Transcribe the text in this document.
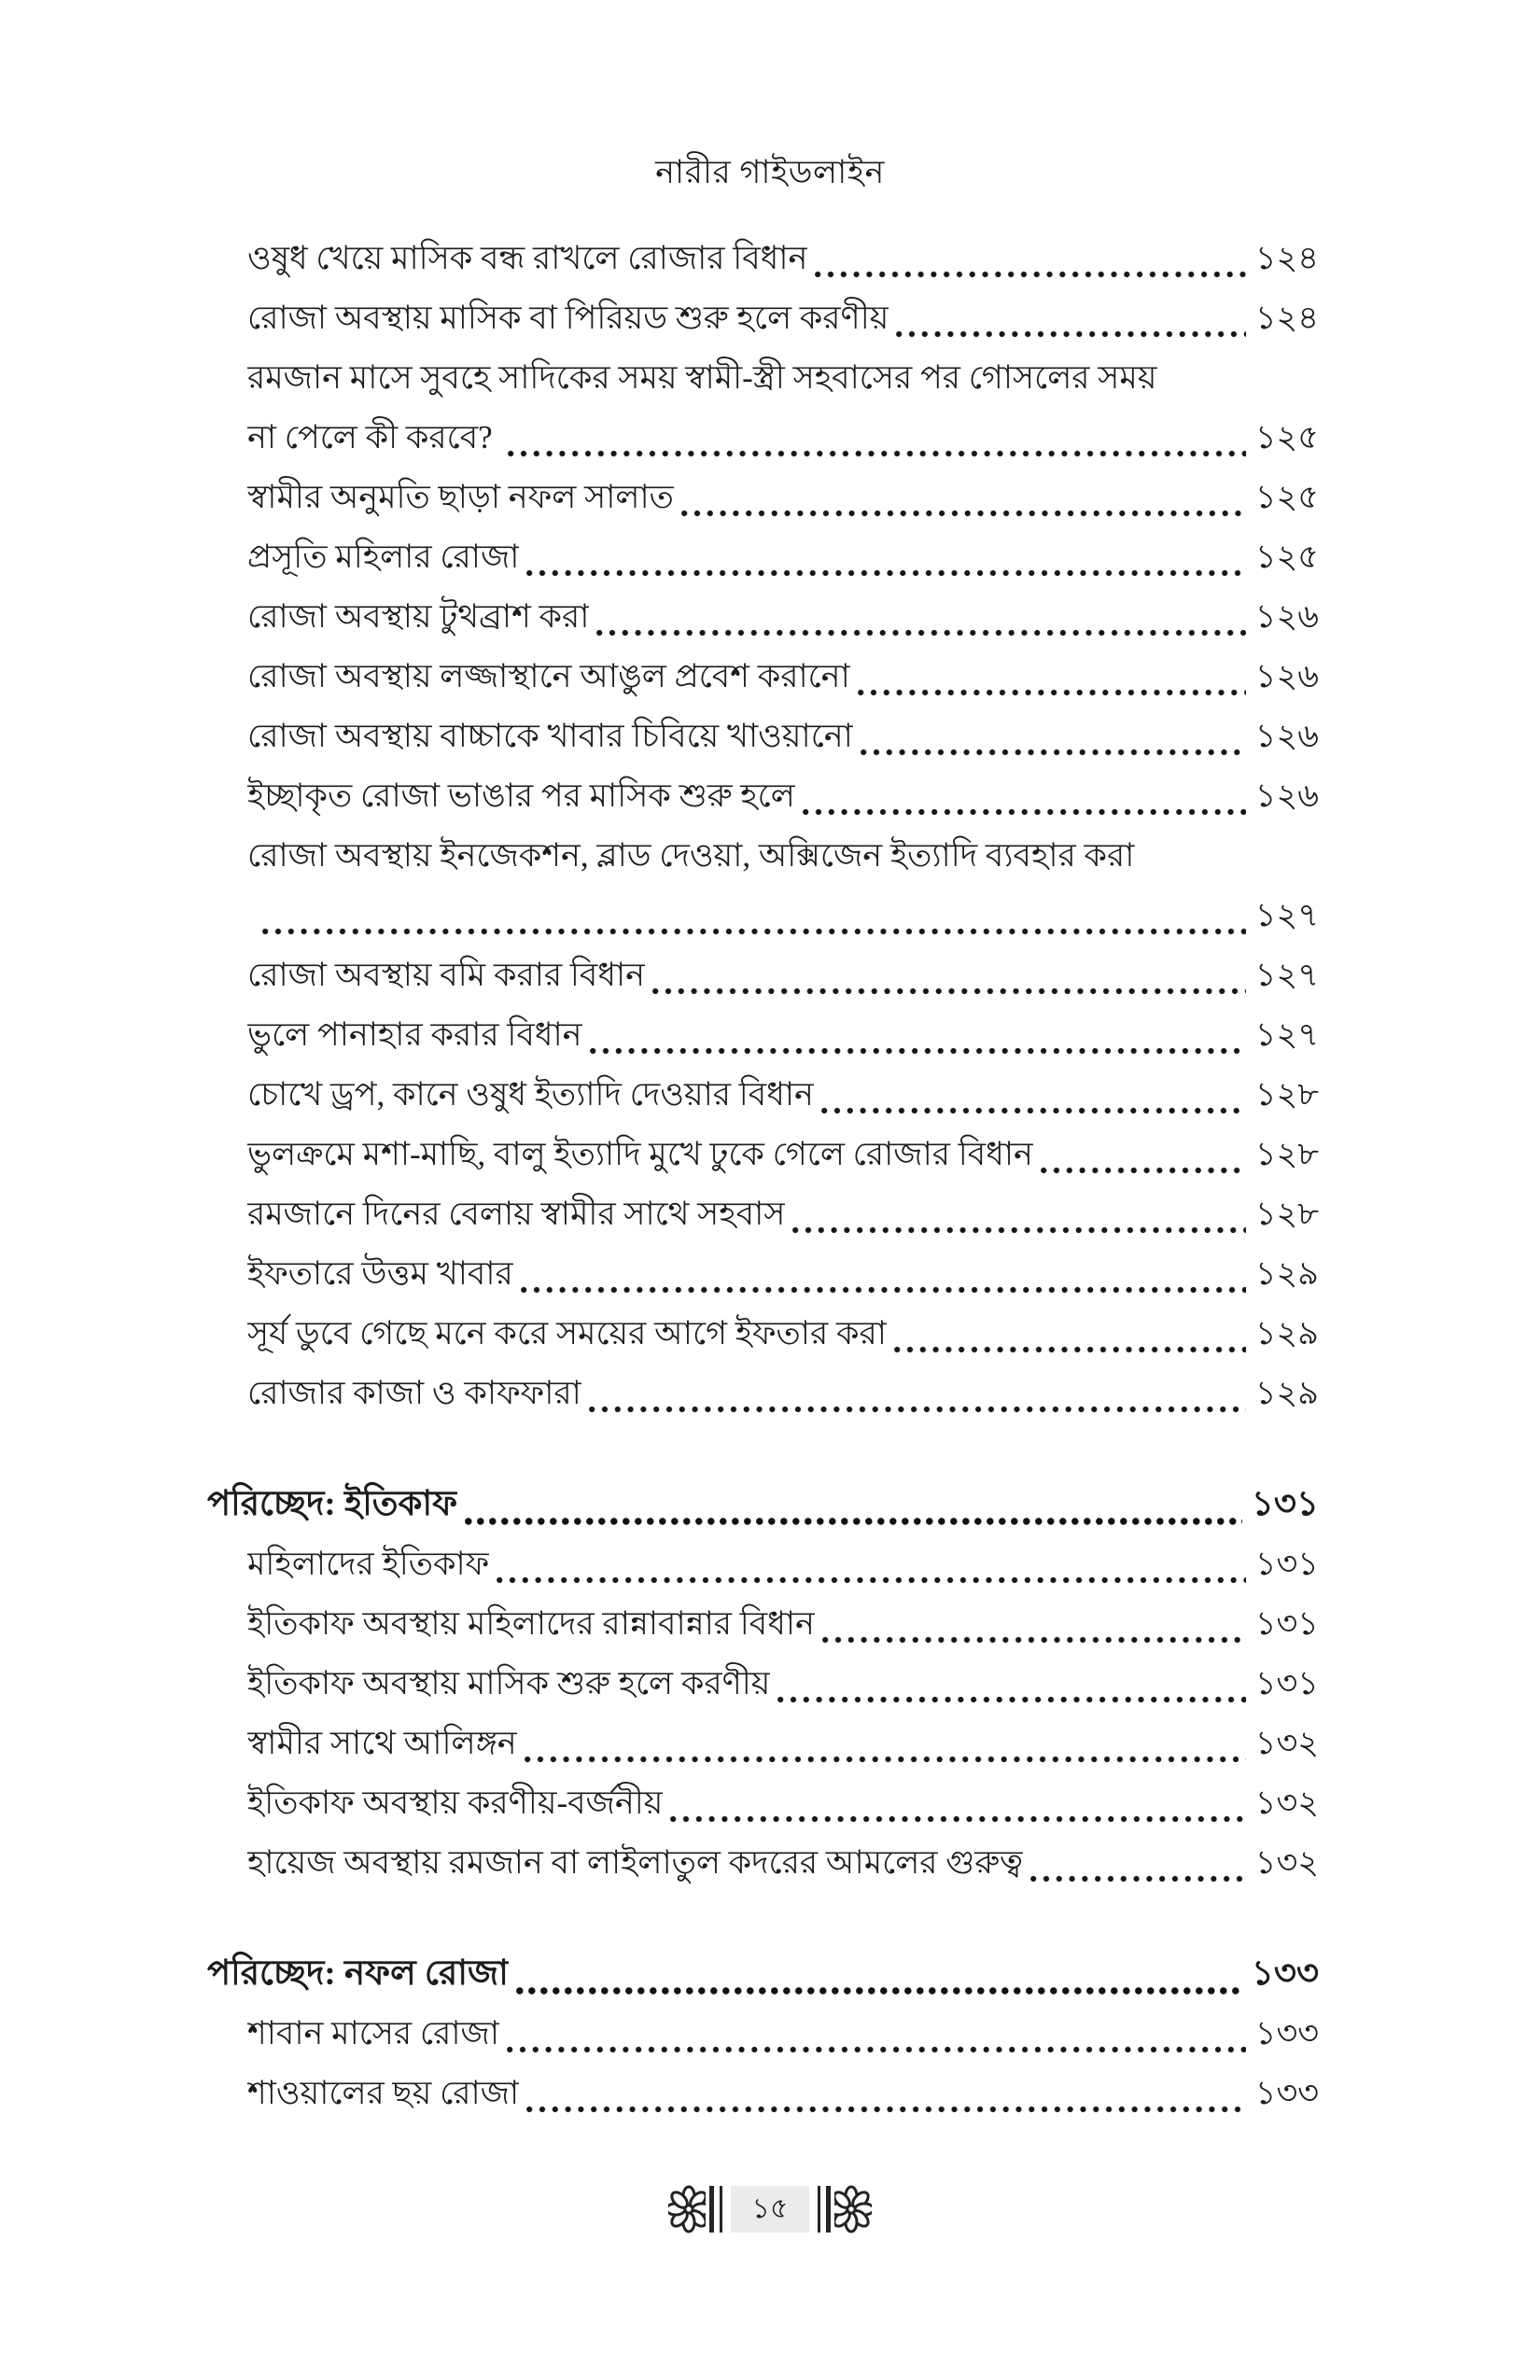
নারীর গাইডলাইন
ওষুধ খেয়ে মাসিক বন্ধ রাখলে রোজার বিধান	১২৪
রোজা অবস্থায় মাসিক বা পিরিয়ড শুরু হলে করণীয়	১২৪
রমজান মাসে সুবহে সাদিকের সময় স্বামী-স্ত্রী সহবাসের পর গোসলের সময়
না পেলে কী করবে?	১২৫
স্বামীর অনুমতি ছাড়া নফল সালাত	১২৫
প্রসূতি মহিলার রোজা	১২৫
রোজা অবস্থায় টুথব্রাশ করা	১২৬
রোজা অবস্থায় লজ্জাস্থানে আঙুল প্রবেশ করানো	১২৬
রোজা অবস্থায় বাচ্চাকে খাবার চিবিয়ে খাওয়ানো	১২৬
ইচ্ছাকৃত রোজা ভাঙার পর মাসিক শুরু হলে	১২৬
রোজা অবস্থায় ইনজেকশন, ব্লাড দেওয়া, অক্সিজেন ইত্যাদি ব্যবহার করা
১২৭
রোজা অবস্থায় বমি করার বিধান	১২৭
ভুলে পানাহার করার বিধান	১২৭
চোখে ড্রপ, কানে ওষুধ ইত্যাদি দেওয়ার বিধান	১২৮
ভুলক্রমে মশা-মাছি, বালু ইত্যাদি মুখে ঢুকে গেলে রোজার বিধান	১২৮
রমজানে দিনের বেলায় স্বামীর সাথে সহবাস	১২৮
ইফতারে উত্তম খাবার	১২৯
সূর্য ডুবে গেছে মনে করে সময়ের আগে ইফতার করা	১২৯
রোজার কাজা ও কাফফারা	১২৯
পরিচ্ছেদ: ইতিকাফ	১৩১
মহিলাদের ইতিকাফ	১৩১
ইতিকাফ অবস্থায় মহিলাদের রান্নাবান্নার বিধান	১৩১
ইতিকাফ অবস্থায় মাসিক শুরু হলে করণীয়	১৩১
স্বামীর সাথে আলিঙ্গন	১৩২
ইতিকাফ অবস্থায় করণীয়-বর্জনীয়	১৩২
হায়েজ অবস্থায় রমজান বা লাইলাতুল কদরের আমলের গুরুত্ব	১৩২
পরিচ্ছেদ: নফল রোজা	১৩৩
শাবান মাসের রোজা	১৩৩
শাওয়ালের ছয় রোজা	১৩৩
১৫
